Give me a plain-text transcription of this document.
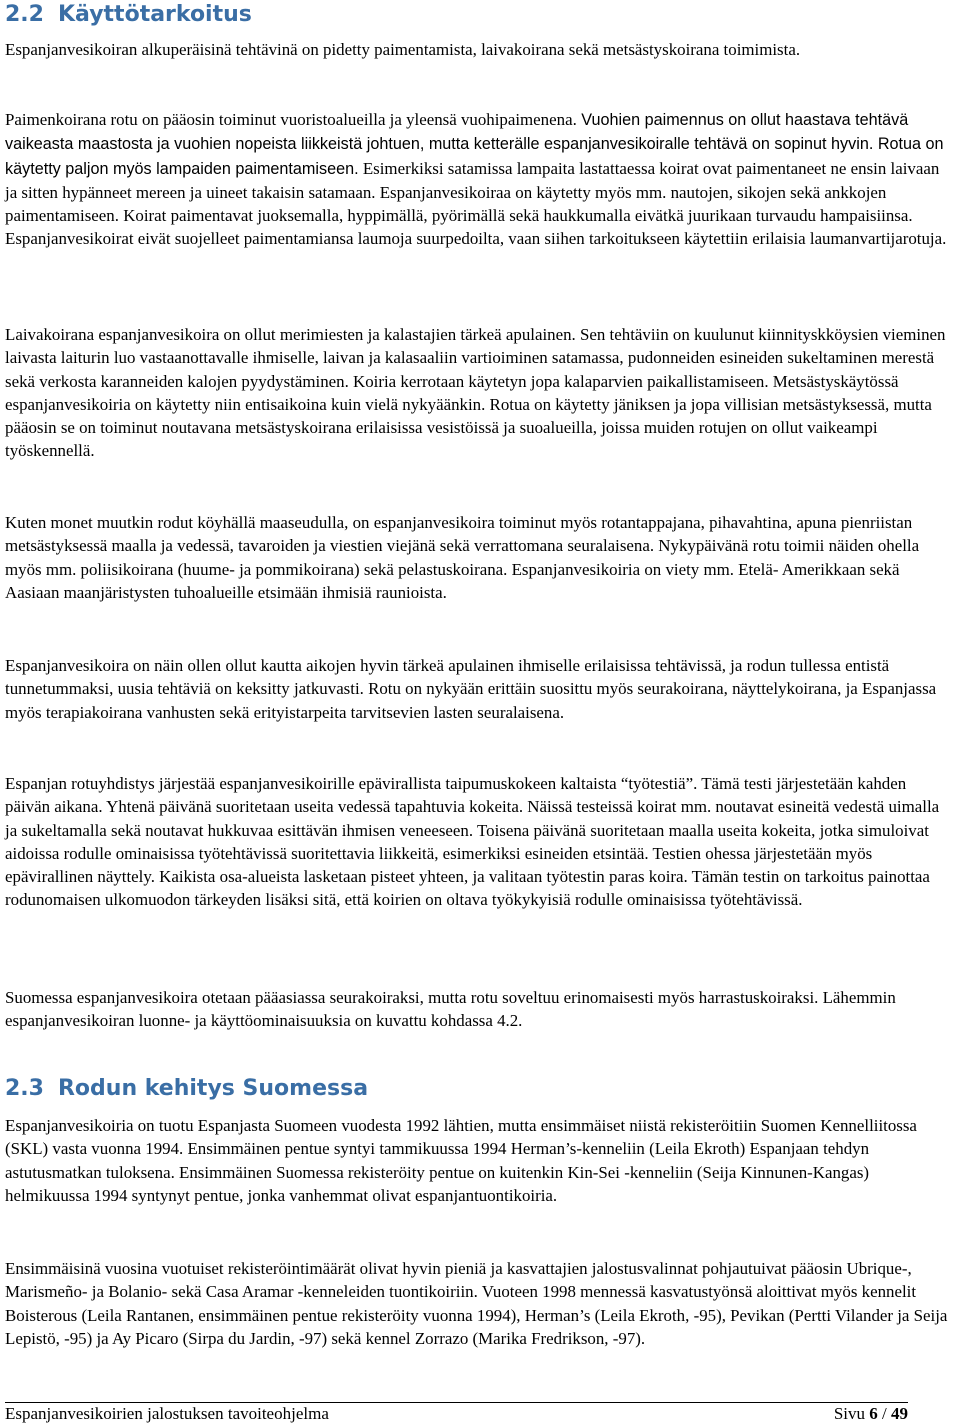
2.2 Käyttötarkoitus

Espanjanvesikoiran alkuperäisinä tehtävinä on pidetty paimentamista, laivakoirana sekä metsästyskoirana toimimista.

Paimenkoirana rotu on pääosin toiminut vuoristoalueilla ja yleensä vuohipaimenena. Vuohien paimennus on ollut haastava tehtävä vaikeasta maastosta ja vuohien nopeista liikkeistä johtuen, mutta ketterälle espanjanvesikoiralle tehtävä on sopinut hyvin. Rotua on käytetty paljon myös lampaiden paimentamiseen. Esimerkiksi satamissa lampaita lastattaessa koirat ovat paimentaneet ne ensin laivaan ja sitten hypänneet mereen ja uineet takaisin satamaan. Espanjanvesikoiraa on käytetty myös mm. nautojen, sikojen sekä ankkojen paimentamiseen. Koirat paimentavat juoksemalla, hyppimällä, pyörimällä sekä haukkumalla eivätkä juurikaan turvaudu hampaisiinsa. Espanjanvesikoirat eivät suojelleet paimentamiansa laumoja suurpedoilta, vaan siihen tarkoitukseen käytettiin erilaisia laumanvartijarotuja.

Laivakoirana espanjanvesikoira on ollut merimiesten ja kalastajien tärkeä apulainen. Sen tehtäviin on kuulunut kiinnityskköysien vieminen laivasta laiturin luo vastaanottavalle ihmiselle, laivan ja kalasaaliin vartioiminen satamassa, pudonneiden esineiden sukeltaminen merestä sekä verkosta karanneiden kalojen pyydystäminen. Koiria kerrotaan käytetyn jopa kalaparvien paikallistamiseen. Metsästyskäytössä espanjanvesikoiria on käytetty niin entisaikoina kuin vielä nykyäänkin. Rotua on käytetty jäniksen ja jopa villisian metsästyksessä, mutta pääosin se on toiminut noutavana metsästyskoirana erilaisissa vesistöissä ja suoalueilla, joissa muiden rotujen on ollut vaikeampi työskennellä.

Kuten monet muutkin rodut köyhällä maaseudulla, on espanjanvesikoira toiminut myös rotantappajana, pihavahtina, apuna pienriistan metsästyksessä maalla ja vedessä, tavaroiden ja viestien viejänä sekä verrattomana seuralaisena. Nykypäivänä rotu toimii näiden ohella myös mm. poliisikoirana (huume- ja pommikoirana) sekä pelastuskoirana. Espanjanvesikoiria on viety mm. Etelä- Amerikkaan sekä Aasiaan maanjäristysten tuhoalueille etsimään ihmisiä raunioista.

Espanjanvesikoira on näin ollen ollut kautta aikojen hyvin tärkeä apulainen ihmiselle erilaisissa tehtävissä, ja rodun tullessa entistä tunnetummaksi, uusia tehtäviä on keksitty jatkuvasti. Rotu on nykyään erittäin suosittu myös seurakoirana, näyttelykoirana, ja Espanjassa myös terapiakoirana vanhusten sekä erityistarpeita tarvitsevien lasten seuralaisena.

Espanjan rotuyhdistys järjestää espanjanvesikoirille epävirallista taipumuskokeen kaltaista “työtestiä”. Tämä testi järjestetään kahden päivän aikana. Yhtenä päivänä suoritetaan useita vedessä tapahtuvia kokeita. Näissä testeissä koirat mm. noutavat esineitä vedestä uimalla ja sukeltamalla sekä noutavat hukkuvaa esittävän ihmisen veneeseen. Toisena päivänä suoritetaan maalla useita kokeita, jotka simuloivat aidoissa rodulle ominaisissa työtehtävissä suoritettavia liikkeitä, esimerkiksi esineiden etsintää. Testien ohessa järjestetään myös epävirallinen näyttely. Kaikista osa-alueista lasketaan pisteet yhteen, ja valitaan työtestin paras koira. Tämän testin on tarkoitus painottaa rodunomaisen ulkomuodon tärkeyden lisäksi sitä, että koirien on oltava työkykyisiä rodulle ominaisissa työtehtävissä.

Suomessa espanjanvesikoira otetaan pääasiassa seurakoiraksi, mutta rotu soveltuu erinomaisesti myös harrastuskoiraksi. Lähemmin espanjanvesikoiran luonne- ja käyttöominaisuuksia on kuvattu kohdassa 4.2.

2.3 Rodun kehitys Suomessa

Espanjanvesikoiria on tuotu Espanjasta Suomeen vuodesta 1992 lähtien, mutta ensimmäiset niistä rekisteröitiin Suomen Kennelliitossa (SKL) vasta vuonna 1994. Ensimmäinen pentue syntyi tammikuussa 1994 Herman’s-kenneliin (Leila Ekroth) Espanjaan tehdyn astutusmatkan tuloksena. Ensimmäinen Suomessa rekisteröity pentue on kuitenkin Kin-Sei -kenneliin (Seija Kinnunen-Kangas) helmikuussa 1994 syntynyt pentue, jonka vanhemmat olivat espanjantuontikoiria.

Ensimmäisinä vuosina vuotuiset rekisteröintimäärät olivat hyvin pieniä ja kasvattajien jalostusvalinnat pohjautuivat pääosin Ubrique-, Marismeño- ja Bolanio- sekä Casa Aramar -kenneleiden tuontikoiriin. Vuoteen 1998 mennessä kasvatustyönsä aloittivat myös kennelit Boisterous (Leila Rantanen, ensimmäinen pentue rekisteröity vuonna 1994), Herman’s (Leila Ekroth, -95), Pevikan (Pertti Vilander ja Seija Lepistö, -95) ja Ay Picaro (Sirpa du Jardin, -97) sekä kennel Zorrazo (Marika Fredrikson, -97).

Espanjanvesikoirien jalostuksen tavoiteohjelma	Sivu 6 / 49
